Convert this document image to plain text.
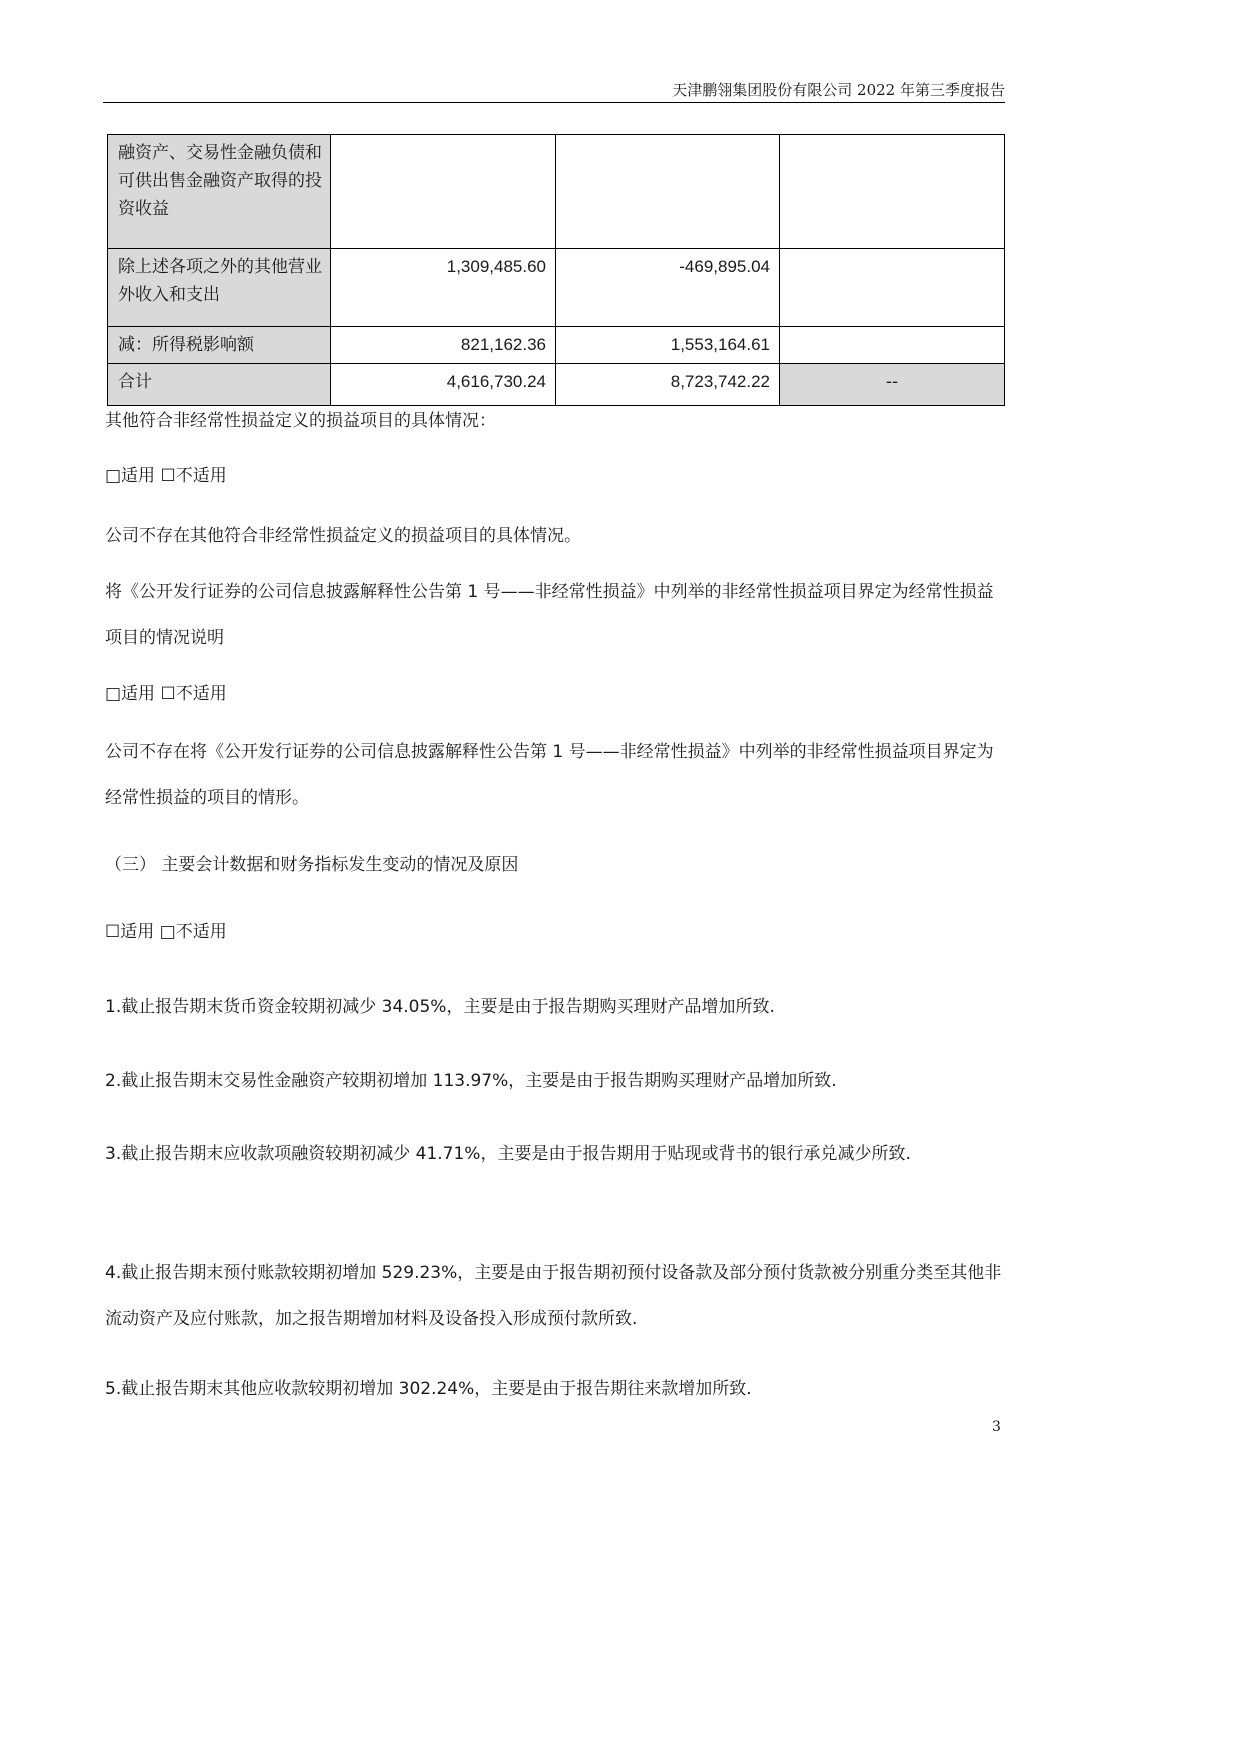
天津鹏翎集团股份有限公司 2022 年第三季度报告
融资产、交易性金融负债和可供出售金融资产取得的投资收益			
除上述各项之外的其他营业外收入和支出	1,309,485.60	-469,895.04	
减：所得税影响额	821,162.36	1,553,164.61	
合计	4,616,730.24	8,723,742.22	--
其他符合非经常性损益定义的损益项目的具体情况：
□适用 ☐不适用
公司不存在其他符合非经常性损益定义的损益项目的具体情况。
将《公开发行证券的公司信息披露解释性公告第 1 号——非经常性损益》中列举的非经常性损益项目界定为经常性损益项目的情况说明
□适用 ☐不适用
公司不存在将《公开发行证券的公司信息披露解释性公告第 1 号——非经常性损益》中列举的非经常性损益项目界定为经常性损益的项目的情形。
（三） 主要会计数据和财务指标发生变动的情况及原因
☐适用 □不适用
1.截止报告期末货币资金较期初减少 34.05%，主要是由于报告期购买理财产品增加所致.
2.截止报告期末交易性金融资产较期初增加 113.97%，主要是由于报告期购买理财产品增加所致.
3.截止报告期末应收款项融资较期初减少 41.71%，主要是由于报告期用于贴现或背书的银行承兑减少所致.
4.截止报告期末预付账款较期初增加 529.23%，主要是由于报告期初预付设备款及部分预付货款被分别重分类至其他非流动资产及应付账款，加之报告期增加材料及设备投入形成预付款所致.
5.截止报告期末其他应收款较期初增加 302.24%，主要是由于报告期往来款增加所致.
3
